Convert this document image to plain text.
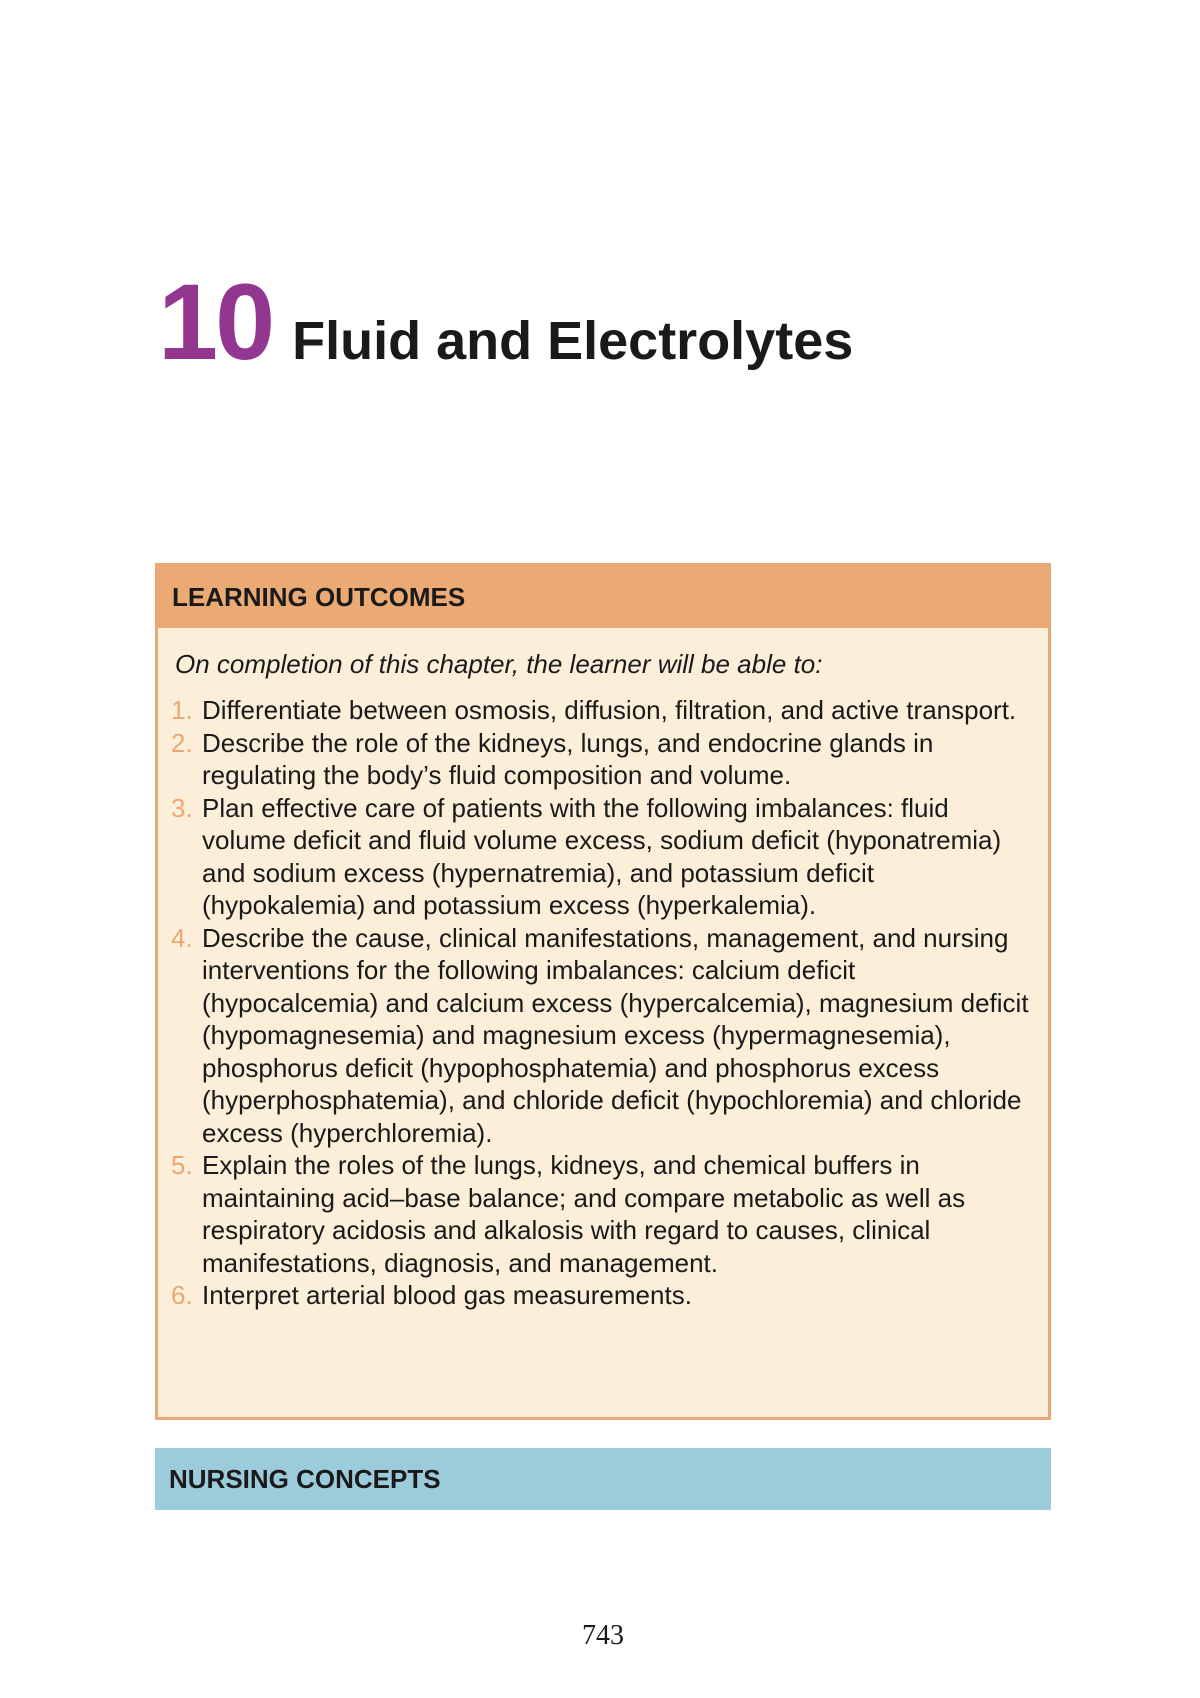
10 Fluid and Electrolytes
LEARNING OUTCOMES

On completion of this chapter, the learner will be able to:

1. Differentiate between osmosis, diffusion, filtration, and active transport.
2. Describe the role of the kidneys, lungs, and endocrine glands in regulating the body’s fluid composition and volume.
3. Plan effective care of patients with the following imbalances: fluid volume deficit and fluid volume excess, sodium deficit (hyponatremia) and sodium excess (hypernatremia), and potassium deficit (hypokalemia) and potassium excess (hyperkalemia).
4. Describe the cause, clinical manifestations, management, and nursing interventions for the following imbalances: calcium deficit (hypocalcemia) and calcium excess (hypercalcemia), magnesium deficit (hypomagnesemia) and magnesium excess (hypermagnesemia), phosphorus deficit (hypophosphatemia) and phosphorus excess (hyperphosphatemia), and chloride deficit (hypochloremia) and chloride excess (hyperchloremia).
5. Explain the roles of the lungs, kidneys, and chemical buffers in maintaining acid–base balance; and compare metabolic as well as respiratory acidosis and alkalosis with regard to causes, clinical manifestations, diagnosis, and management.
6. Interpret arterial blood gas measurements.
NURSING CONCEPTS
743
